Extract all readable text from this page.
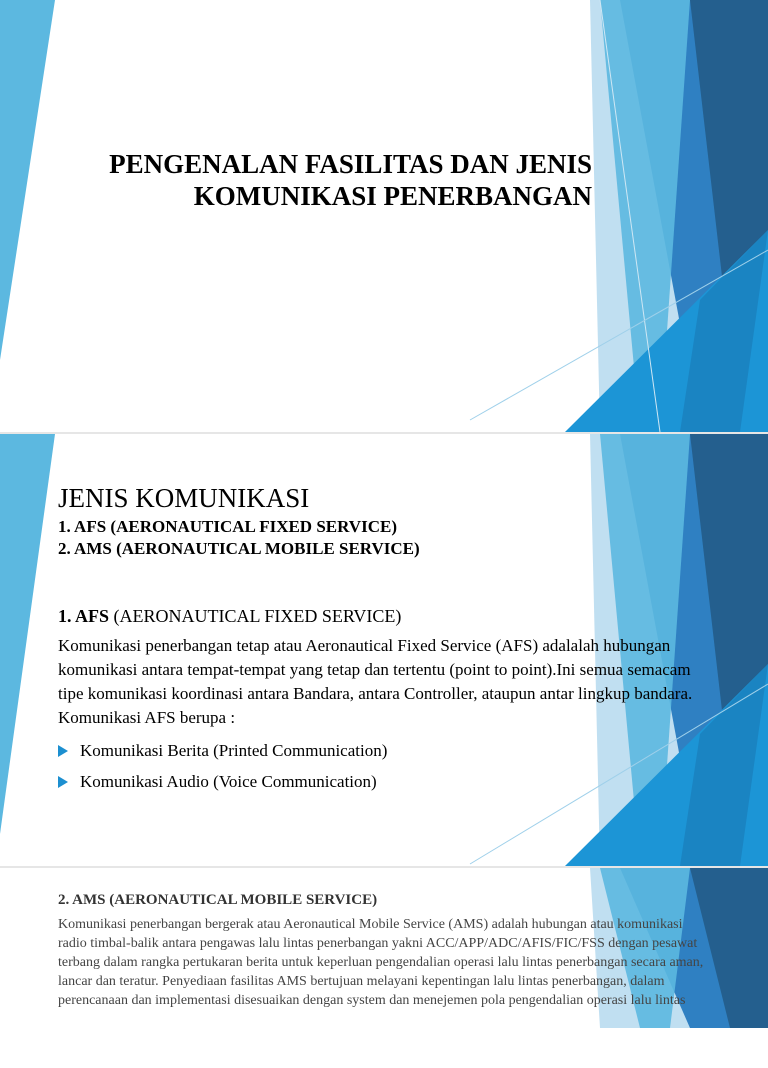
PENGENALAN FASILITAS DAN JENIS
KOMUNIKASI PENERBANGAN
JENIS KOMUNIKASI
1. AFS (AERONAUTICAL FIXED SERVICE)
2. AMS (AERONAUTICAL MOBILE SERVICE)
1. AFS (AERONAUTICAL FIXED SERVICE)
Komunikasi penerbangan tetap atau Aeronautical Fixed Service (AFS) adalalah hubungan komunikasi antara tempat-tempat yang tetap dan tertentu (point to point).Ini semua semacam tipe komunikasi koordinasi antara Bandara, antara Controller, ataupun antar lingkup bandara. Komunikasi AFS berupa :
Komunikasi Berita (Printed Communication)
Komunikasi Audio (Voice Communication)
2. AMS (AERONAUTICAL MOBILE SERVICE)
Komunikasi penerbangan bergerak atau Aeronautical Mobile Service (AMS) adalah hubungan atau komunikasi radio timbal-balik antara pengawas lalu lintas penerbangan yakni ACC/APP/ADC/AFIS/FIC/FSS dengan pesawat terbang dalam rangka pertukaran berita untuk keperluan pengendalian operasi lalu lintas penerbangan secara aman, lancar dan teratur. Penyediaan fasilitas AMS bertujuan melayani kepentingan lalu lintas penerbangan, dalam perencanaan dan implementasi disesuaikan dengan system dan menejemen pola pengendalian operasi lalu lintas
